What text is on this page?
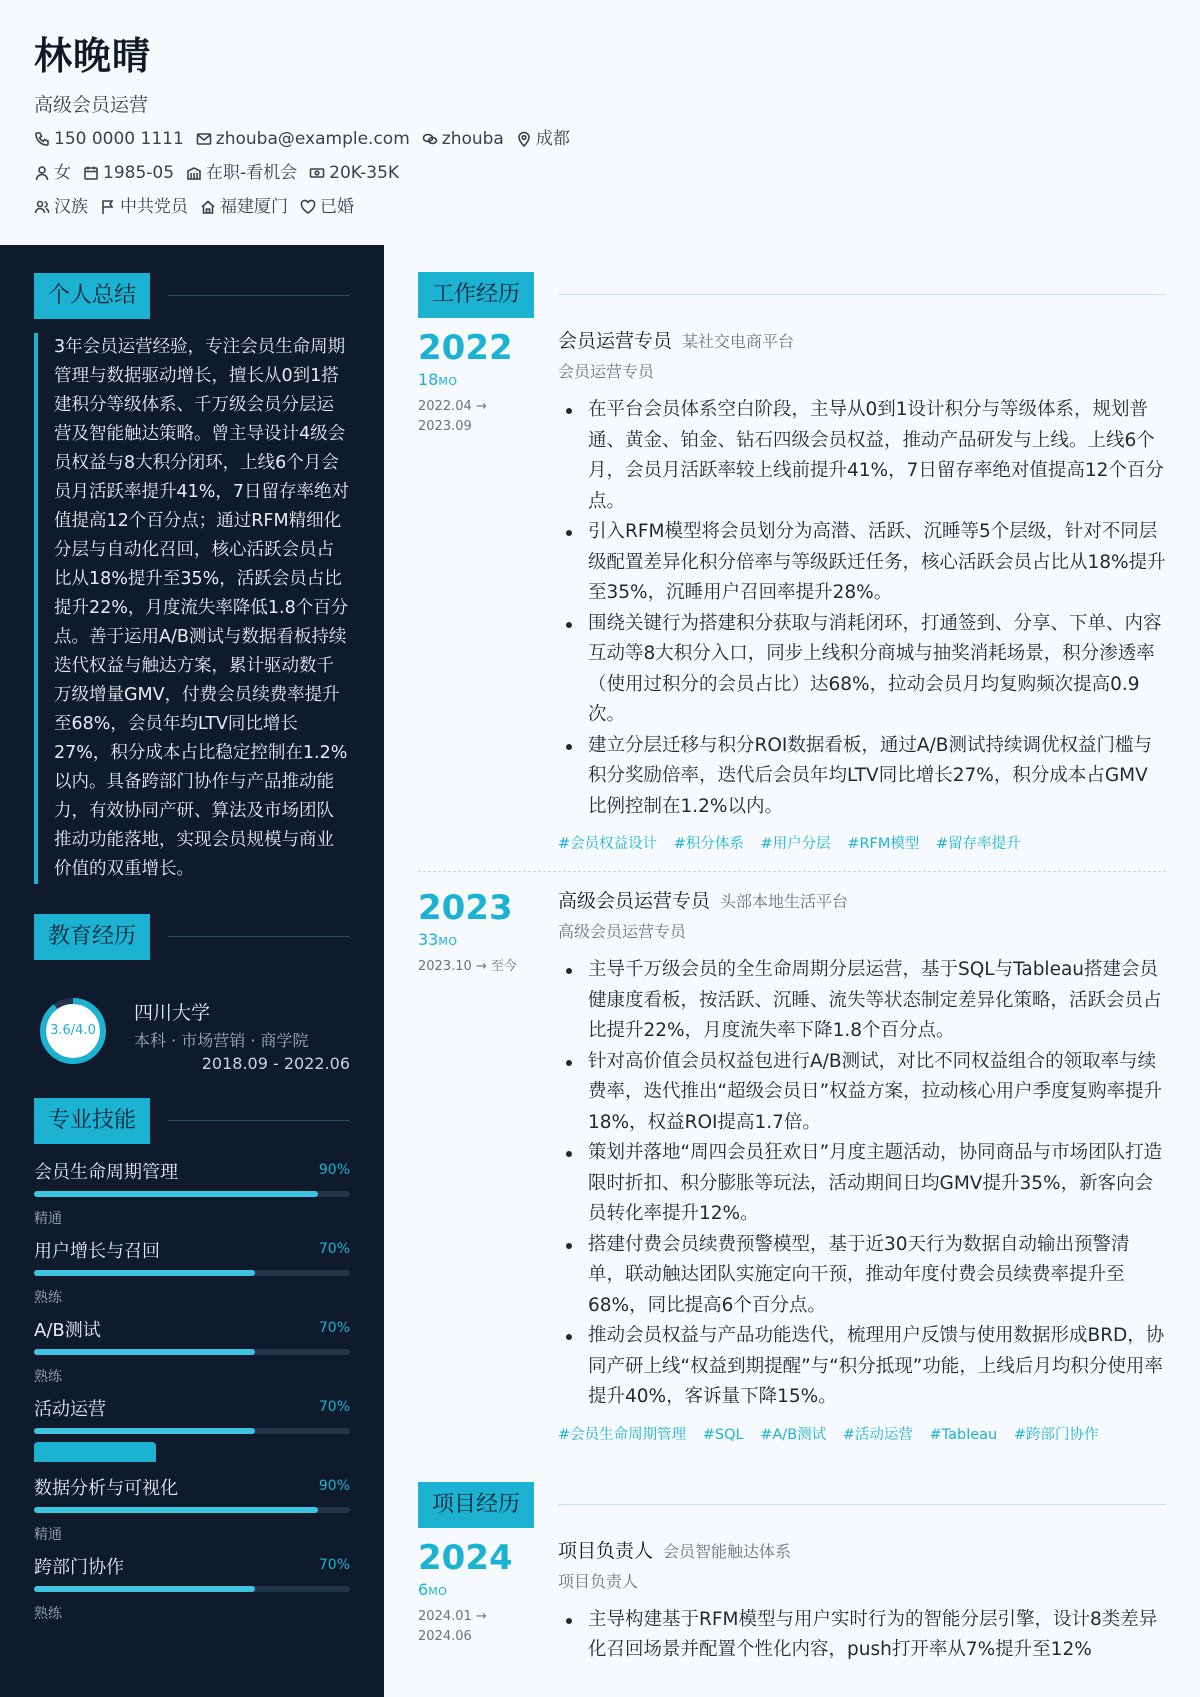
林晚晴
高级会员运营
150 0000 1111 zhouba@example.com zhouba 成都
女 1985-05 在职-看机会 20K-35K
汉族 中共党员 福建厦门 已婚
个人总结
3年会员运营经验，专注会员生命周期管理与数据驱动增长，擅长从0到1搭建积分等级体系、千万级会员分层运营及智能触达策略。曾主导设计4级会员权益与8大积分闭环，上线6个月会员月活跃率提升41%，7日留存率绝对值提高12个百分点；通过RFM精细化分层与自动化召回，核心活跃会员占比从18%提升至35%，活跃会员占比提升22%，月度流失率降低1.8个百分点。善于运用A/B测试与数据看板持续迭代权益与触达方案，累计驱动数千万级增量GMV，付费会员续费率提升至68%，会员年均LTV同比增长27%，积分成本占比稳定控制在1.2%以内。具备跨部门协作与产品推动能力，有效协同产研、算法及市场团队推动功能落地，实现会员规模与商业价值的双重增长。
教育经历
3.6/4.0
四川大学
本科 · 市场营销 · 商学院
2018.09 - 2022.06
专业技能
会员生命周期管理	90%
精通
用户增长与召回	70%
熟练
A/B测试	70%
熟练
活动运营	70%
数据分析与可视化	90%
精通
跨部门协作	70%
熟练
工作经历
2022
18MO
2022.04 →
2023.09
会员运营专员 某社交电商平台
会员运营专员
在平台会员体系空白阶段，主导从0到1设计积分与等级体系，规划普通、黄金、铂金、钻石四级会员权益，推动产品研发与上线。上线6个月，会员月活跃率较上线前提升41%，7日留存率绝对值提高12个百分点。
引入RFM模型将会员划分为高潜、活跃、沉睡等5个层级，针对不同层级配置差异化积分倍率与等级跃迁任务，核心活跃会员占比从18%提升至35%，沉睡用户召回率提升28%。
围绕关键行为搭建积分获取与消耗闭环，打通签到、分享、下单、内容互动等8大积分入口，同步上线积分商城与抽奖消耗场景，积分渗透率（使用过积分的会员占比）达68%，拉动会员月均复购频次提高0.9次。
建立分层迁移与积分ROI数据看板，通过A/B测试持续调优权益门槛与积分奖励倍率，迭代后会员年均LTV同比增长27%，积分成本占GMV比例控制在1.2%以内。
#会员权益设计 #积分体系 #用户分层 #RFM模型 #留存率提升
2023
33MO
2023.10 → 至今
高级会员运营专员 头部本地生活平台
高级会员运营专员
主导千万级会员的全生命周期分层运营，基于SQL与Tableau搭建会员健康度看板，按活跃、沉睡、流失等状态制定差异化策略，活跃会员占比提升22%，月度流失率下降1.8个百分点。
针对高价值会员权益包进行A/B测试，对比不同权益组合的领取率与续费率，迭代推出“超级会员日”权益方案，拉动核心用户季度复购率提升18%，权益ROI提高1.7倍。
策划并落地“周四会员狂欢日”月度主题活动，协同商品与市场团队打造限时折扣、积分膨胀等玩法，活动期间日均GMV提升35%，新客向会员转化率提升12%。
搭建付费会员续费预警模型，基于近30天行为数据自动输出预警清单，联动触达团队实施定向干预，推动年度付费会员续费率提升至68%，同比提高6个百分点。
推动会员权益与产品功能迭代，梳理用户反馈与使用数据形成BRD，协同产研上线“权益到期提醒”与“积分抵现”功能，上线后月均积分使用率提升40%，客诉量下降15%。
#会员生命周期管理 #SQL #A/B测试 #活动运营 #Tableau #跨部门协作
项目经历
2024
6MO
2024.01 →
2024.06
项目负责人 会员智能触达体系
项目负责人
主导构建基于RFM模型与用户实时行为的智能分层引擎，设计8类差异化召回场景并配置个性化内容，push打开率从7%提升至12%
